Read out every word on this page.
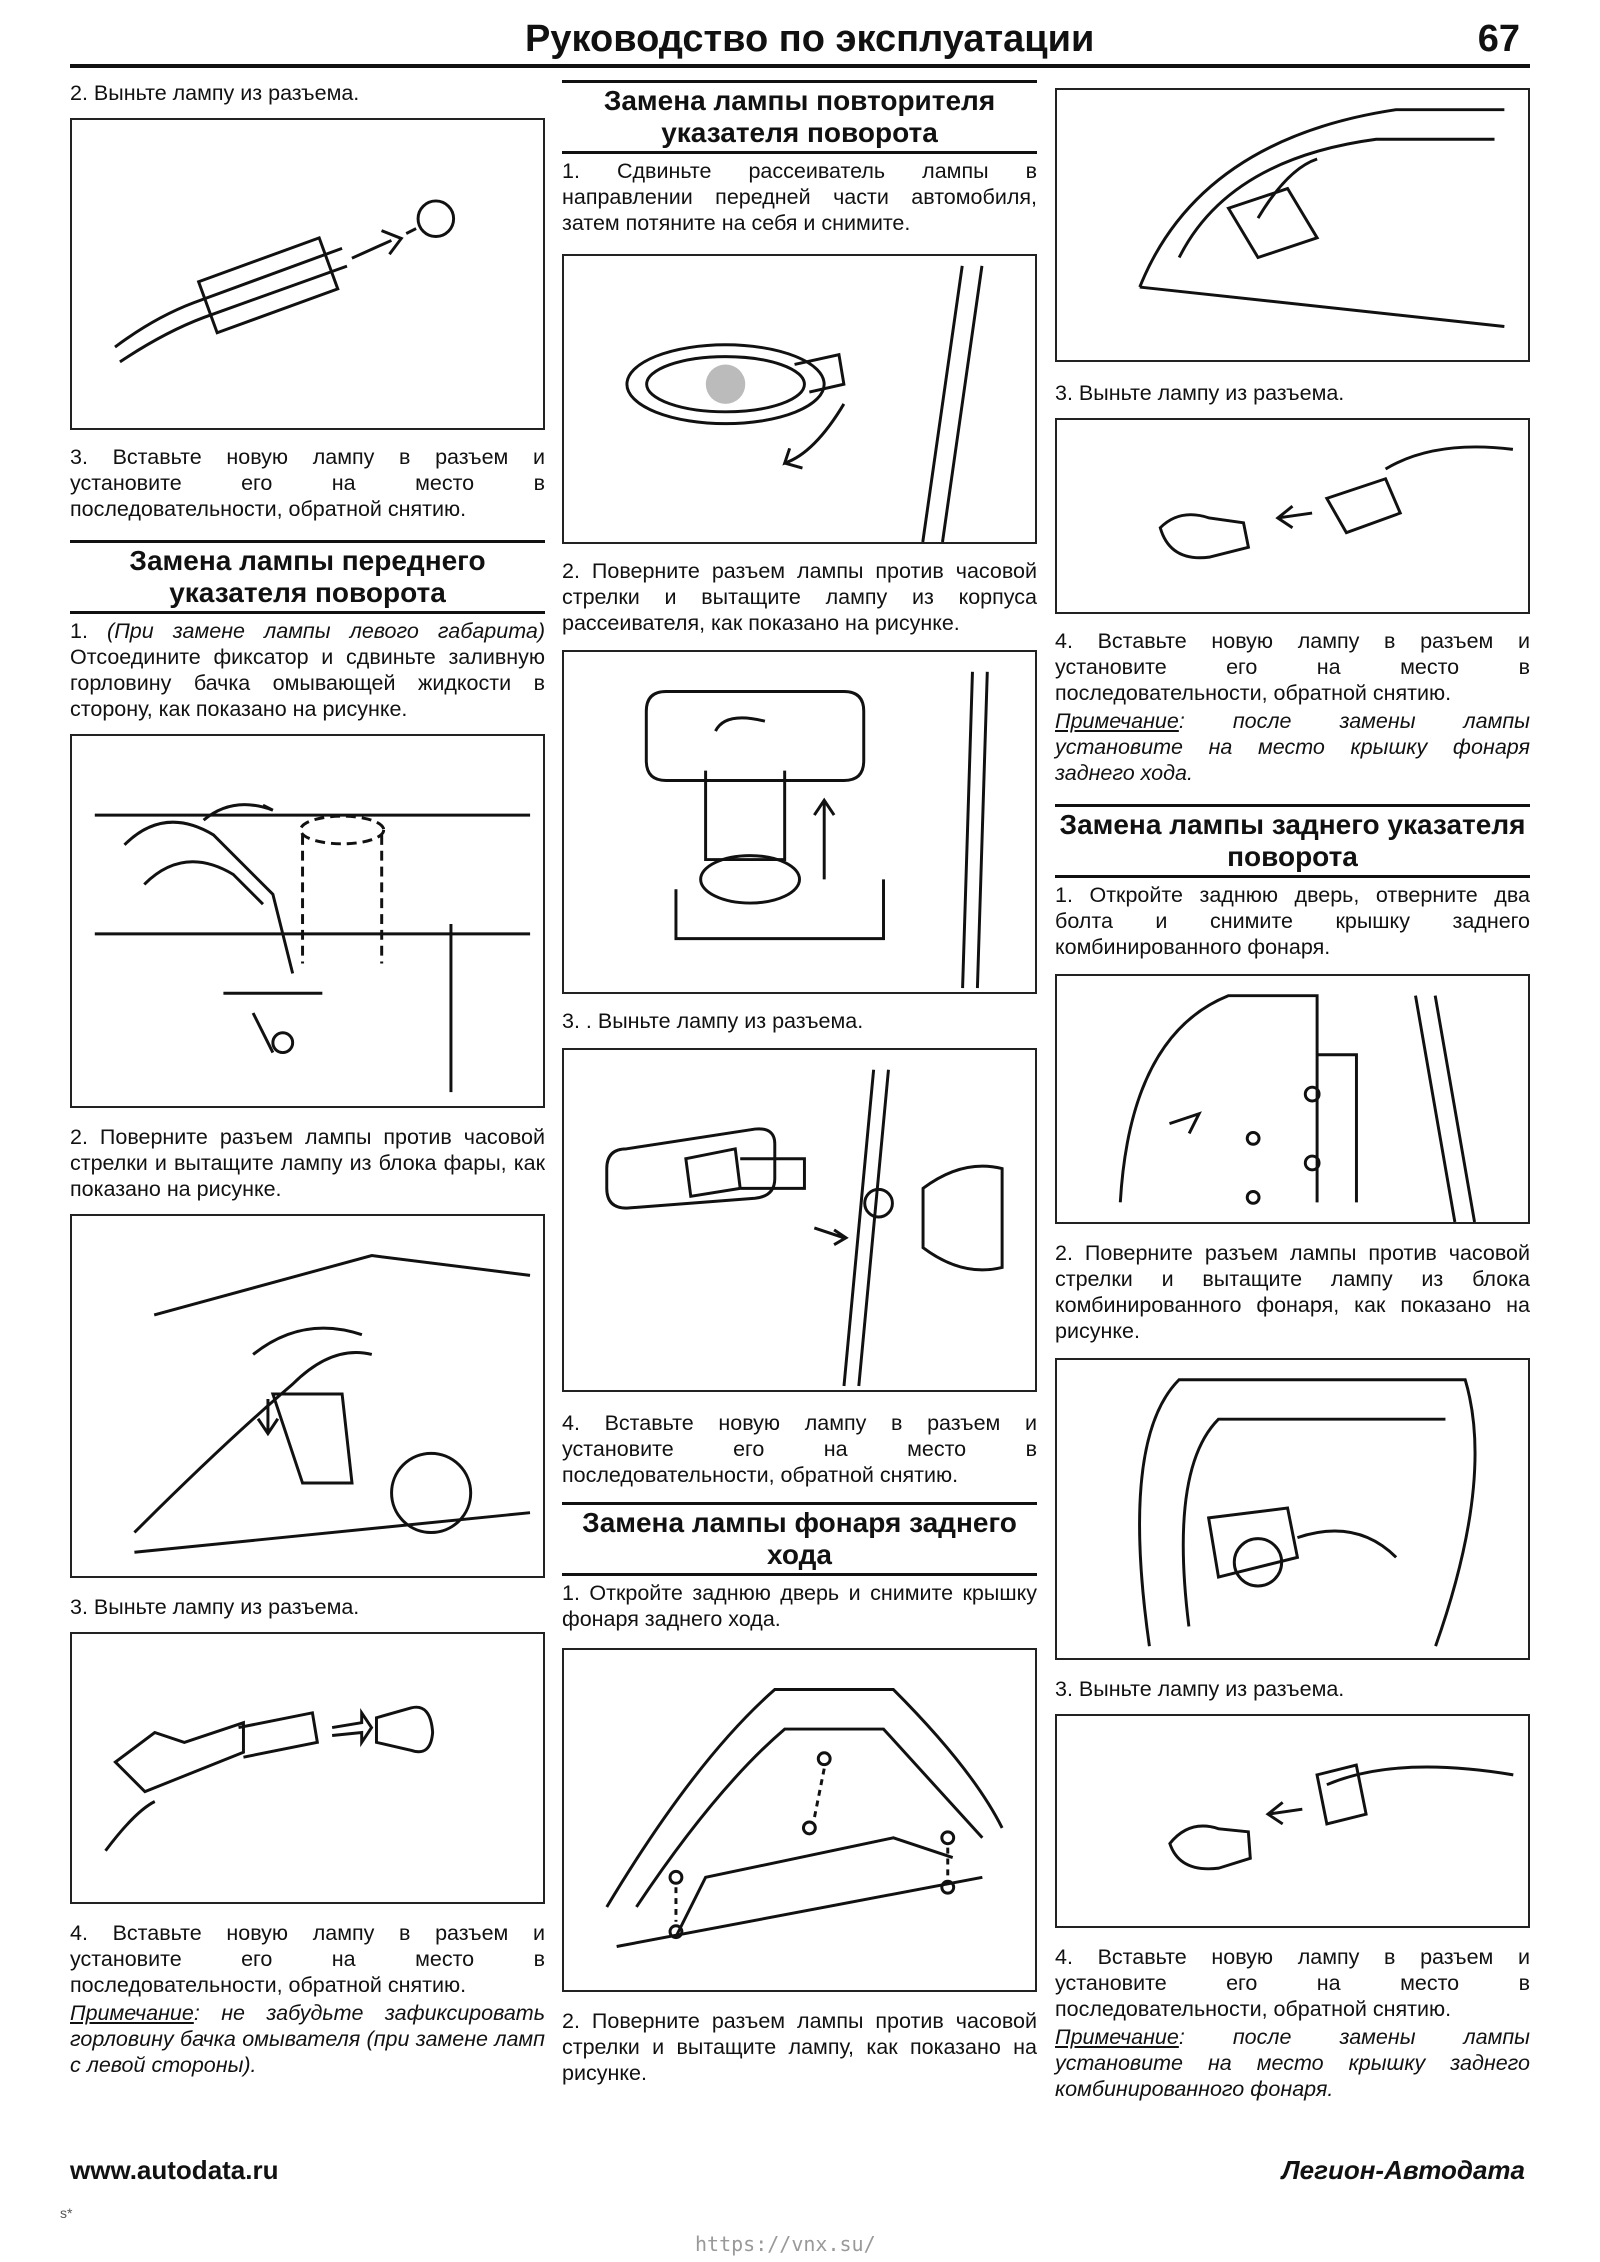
Руководство по эксплуатации	67

2. Выньте лампу из разъема.

3. Вставьте новую лампу в разъем и установите его на место в последовательности, обратной снятию.

Замена лампы переднего указателя поворота

1. (При замене лампы левого габарита) Отсоедините фиксатор и сдвиньте заливную горловину бачка омывающей жидкости в сторону, как показано на рисунке.

2. Поверните разъем лампы против часовой стрелки и вытащите лампу из блока фары, как показано на рисунке.

3. Выньте лампу из разъема.

4. Вставьте новую лампу в разъем и установите его на место в последовательности, обратной снятию.

Примечание: не забудьте зафиксировать горловину бачка омывателя (при замене ламп с левой стороны).

Замена лампы повторителя указателя поворота

1. Сдвиньте рассеиватель лампы в направлении передней части автомобиля, затем потяните на себя и снимите.

2. Поверните разъем лампы против часовой стрелки и вытащите лампу из корпуса рассеивателя, как показано на рисунке.

3. . Выньте лампу из разъема.

4. Вставьте новую лампу в разъем и установите его на место в последовательности, обратной снятию.

Замена лампы фонаря заднего хода

1. Откройте заднюю дверь и снимите крышку фонаря заднего хода.

2. Поверните разъем лампы против часовой стрелки и вытащите лампу, как показано на рисунке.

3. Выньте лампу из разъема.

4. Вставьте новую лампу в разъем и установите его на место в последовательности, обратной снятию.

Примечание: после замены лампы установите на место крышку фонаря заднего хода.

Замена лампы заднего указателя поворота

1. Откройте заднюю дверь, отверните два болта и снимите крышку заднего комбинированного фонаря.

2. Поверните разъем лампы против часовой стрелки и вытащите лампу из блока комбинированного фонаря, как показано на рисунке.

3. Выньте лампу из разъема.

4. Вставьте новую лампу в разъем и установите его на место в последовательности, обратной снятию.

Примечание: после замены лампы установите на место крышку заднего комбинированного фонаря.

www.autodata.ru	Легион-Автодата
s*
https://vnx.su/
